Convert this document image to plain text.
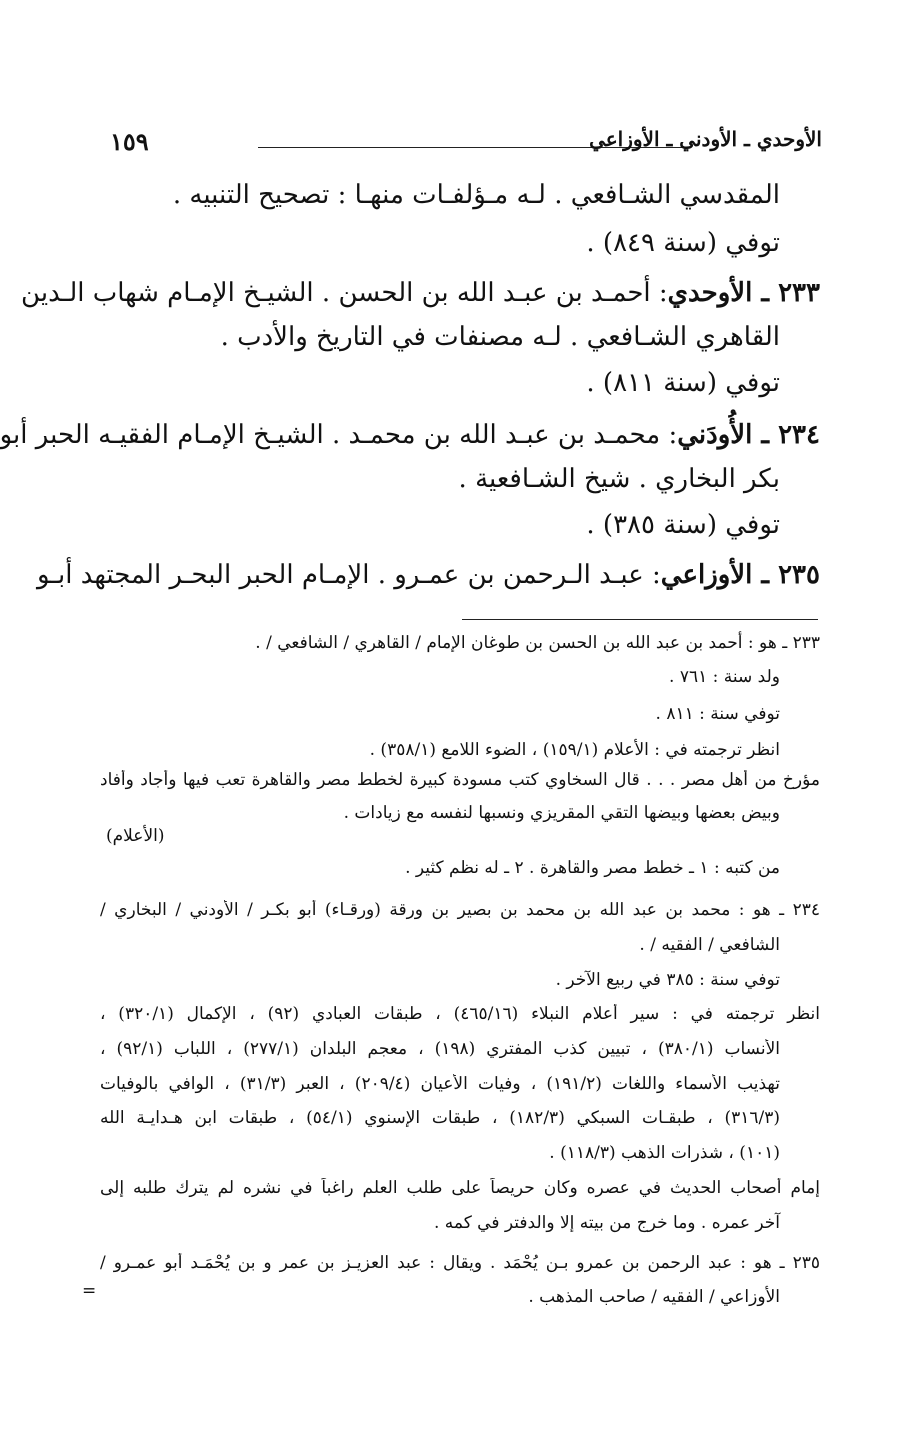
١٥٩	الأوحدي ـ الأودني ـ الأوزاعي
المقدسي الشـافعي . لـه مـؤلفـات منهـا : تصحيح التنبيه .
توفي (سنة ٨٤٩) .
٢٣٣ ـ الأوحدي: أحمـد بن عبـد الله بن الحسن . الشيـخ الإمـام شهاب الـدين
القاهري الشـافعي . لـه مصنفات في التاريخ والأدب .
توفي (سنة ٨١١) .
٢٣٤ ـ الأُودَني: محمـد بن عبـد الله بن محمـد . الشيـخ الإمـام الفقيـه الحبر أبو
بكر البخاري . شيخ الشـافعية .
توفي (سنة ٣٨٥) .
٢٣٥ ـ الأوزاعي: عبـد الـرحمن بن عمـرو . الإمـام الحبر البحـر المجتهد أبـو
٢٣٣ ـ هو : أحمد بن عبد الله بن الحسن بن طوغان الإمام / القاهري / الشافعي / .
ولد سنة : ٧٦١ .
توفي سنة : ٨١١ .
انظر ترجمته في : الأعلام (١٥٩/١) ، الضوء اللامع (٣٥٨/١) .
مؤرخ من أهل مصر . . . قال السخاوي كتب مسودة كبيرة لخطط مصر والقاهرة تعب فيها وأجاد وأفاد
وبيض بعضها وبيضها التقي المقريزي ونسبها لنفسه مع زيادات .
(الأعلام)
من كتبه : ١ ـ خطط مصر والقاهرة . ٢ ـ له نظم كثير .
٢٣٤ ـ هو : محمد بن عبد الله بن محمد بن بصير بن ورقة (ورقـاء) أبو بكـر / الأودني / البخاري /
الشافعي / الفقيه / .
توفي سنة : ٣٨٥ في ربيع الآخر .
انظر ترجمته في : سير أعلام النبلاء (٤٦٥/١٦) ، طبقات العبادي (٩٢) ، الإكمال (٣٢٠/١) ،
الأنساب (٣٨٠/١) ، تبيين كذب المفتري (١٩٨) ، معجم البلدان (٢٧٧/١) ، اللباب (٩٢/١) ،
تهذيب الأسماء واللغات (١٩١/٢) ، وفيات الأعيان (٢٠٩/٤) ، العبر (٣١/٣) ، الوافي بالوفيات
(٣١٦/٣) ، طبقـات السبكي (١٨٢/٣) ، طبقات الإسنوي (٥٤/١) ، طبقات ابن هـدايـة الله
(١٠١) ، شذرات الذهب (١١٨/٣) .
إمام أصحاب الحديث في عصره وكان حريصاً على طلب العلم راغباً في نشره لم يترك طلبه إلى
آخر عمره . وما خرج من بيته إلا والدفتر في كمه .
٢٣٥ ـ هو : عبد الرحمن بن عمرو بـن يُحْمَد . ويقال : عبد العزيـز بن عمر و بن يُحْمَـد أبو عمـرو /
الأوزاعي / الفقيه / صاحب المذهب .
=
